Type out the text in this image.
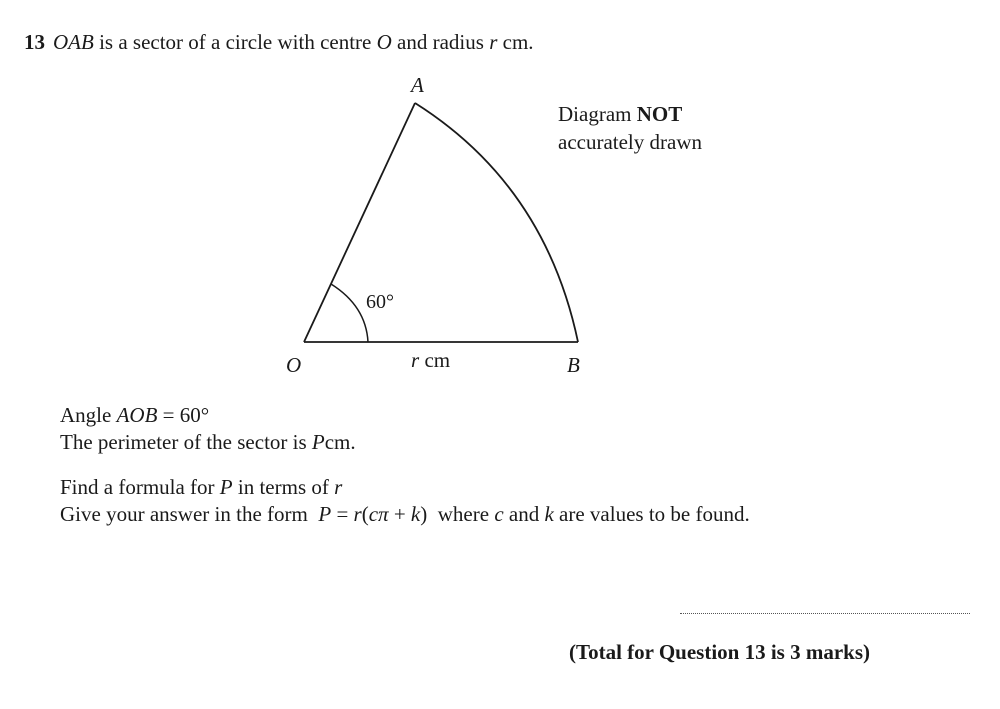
13 OAB is a sector of a circle with centre O and radius r cm.
A
O	B
60°
r cm
Diagram NOT
accurately drawn
Angle AOB = 60°
The perimeter of the sector is Pcm.
Find a formula for P in terms of r
Give your answer in the form  P = r(cπ + k)  where c and k are values to be found.
(Total for Question 13 is 3 marks)
